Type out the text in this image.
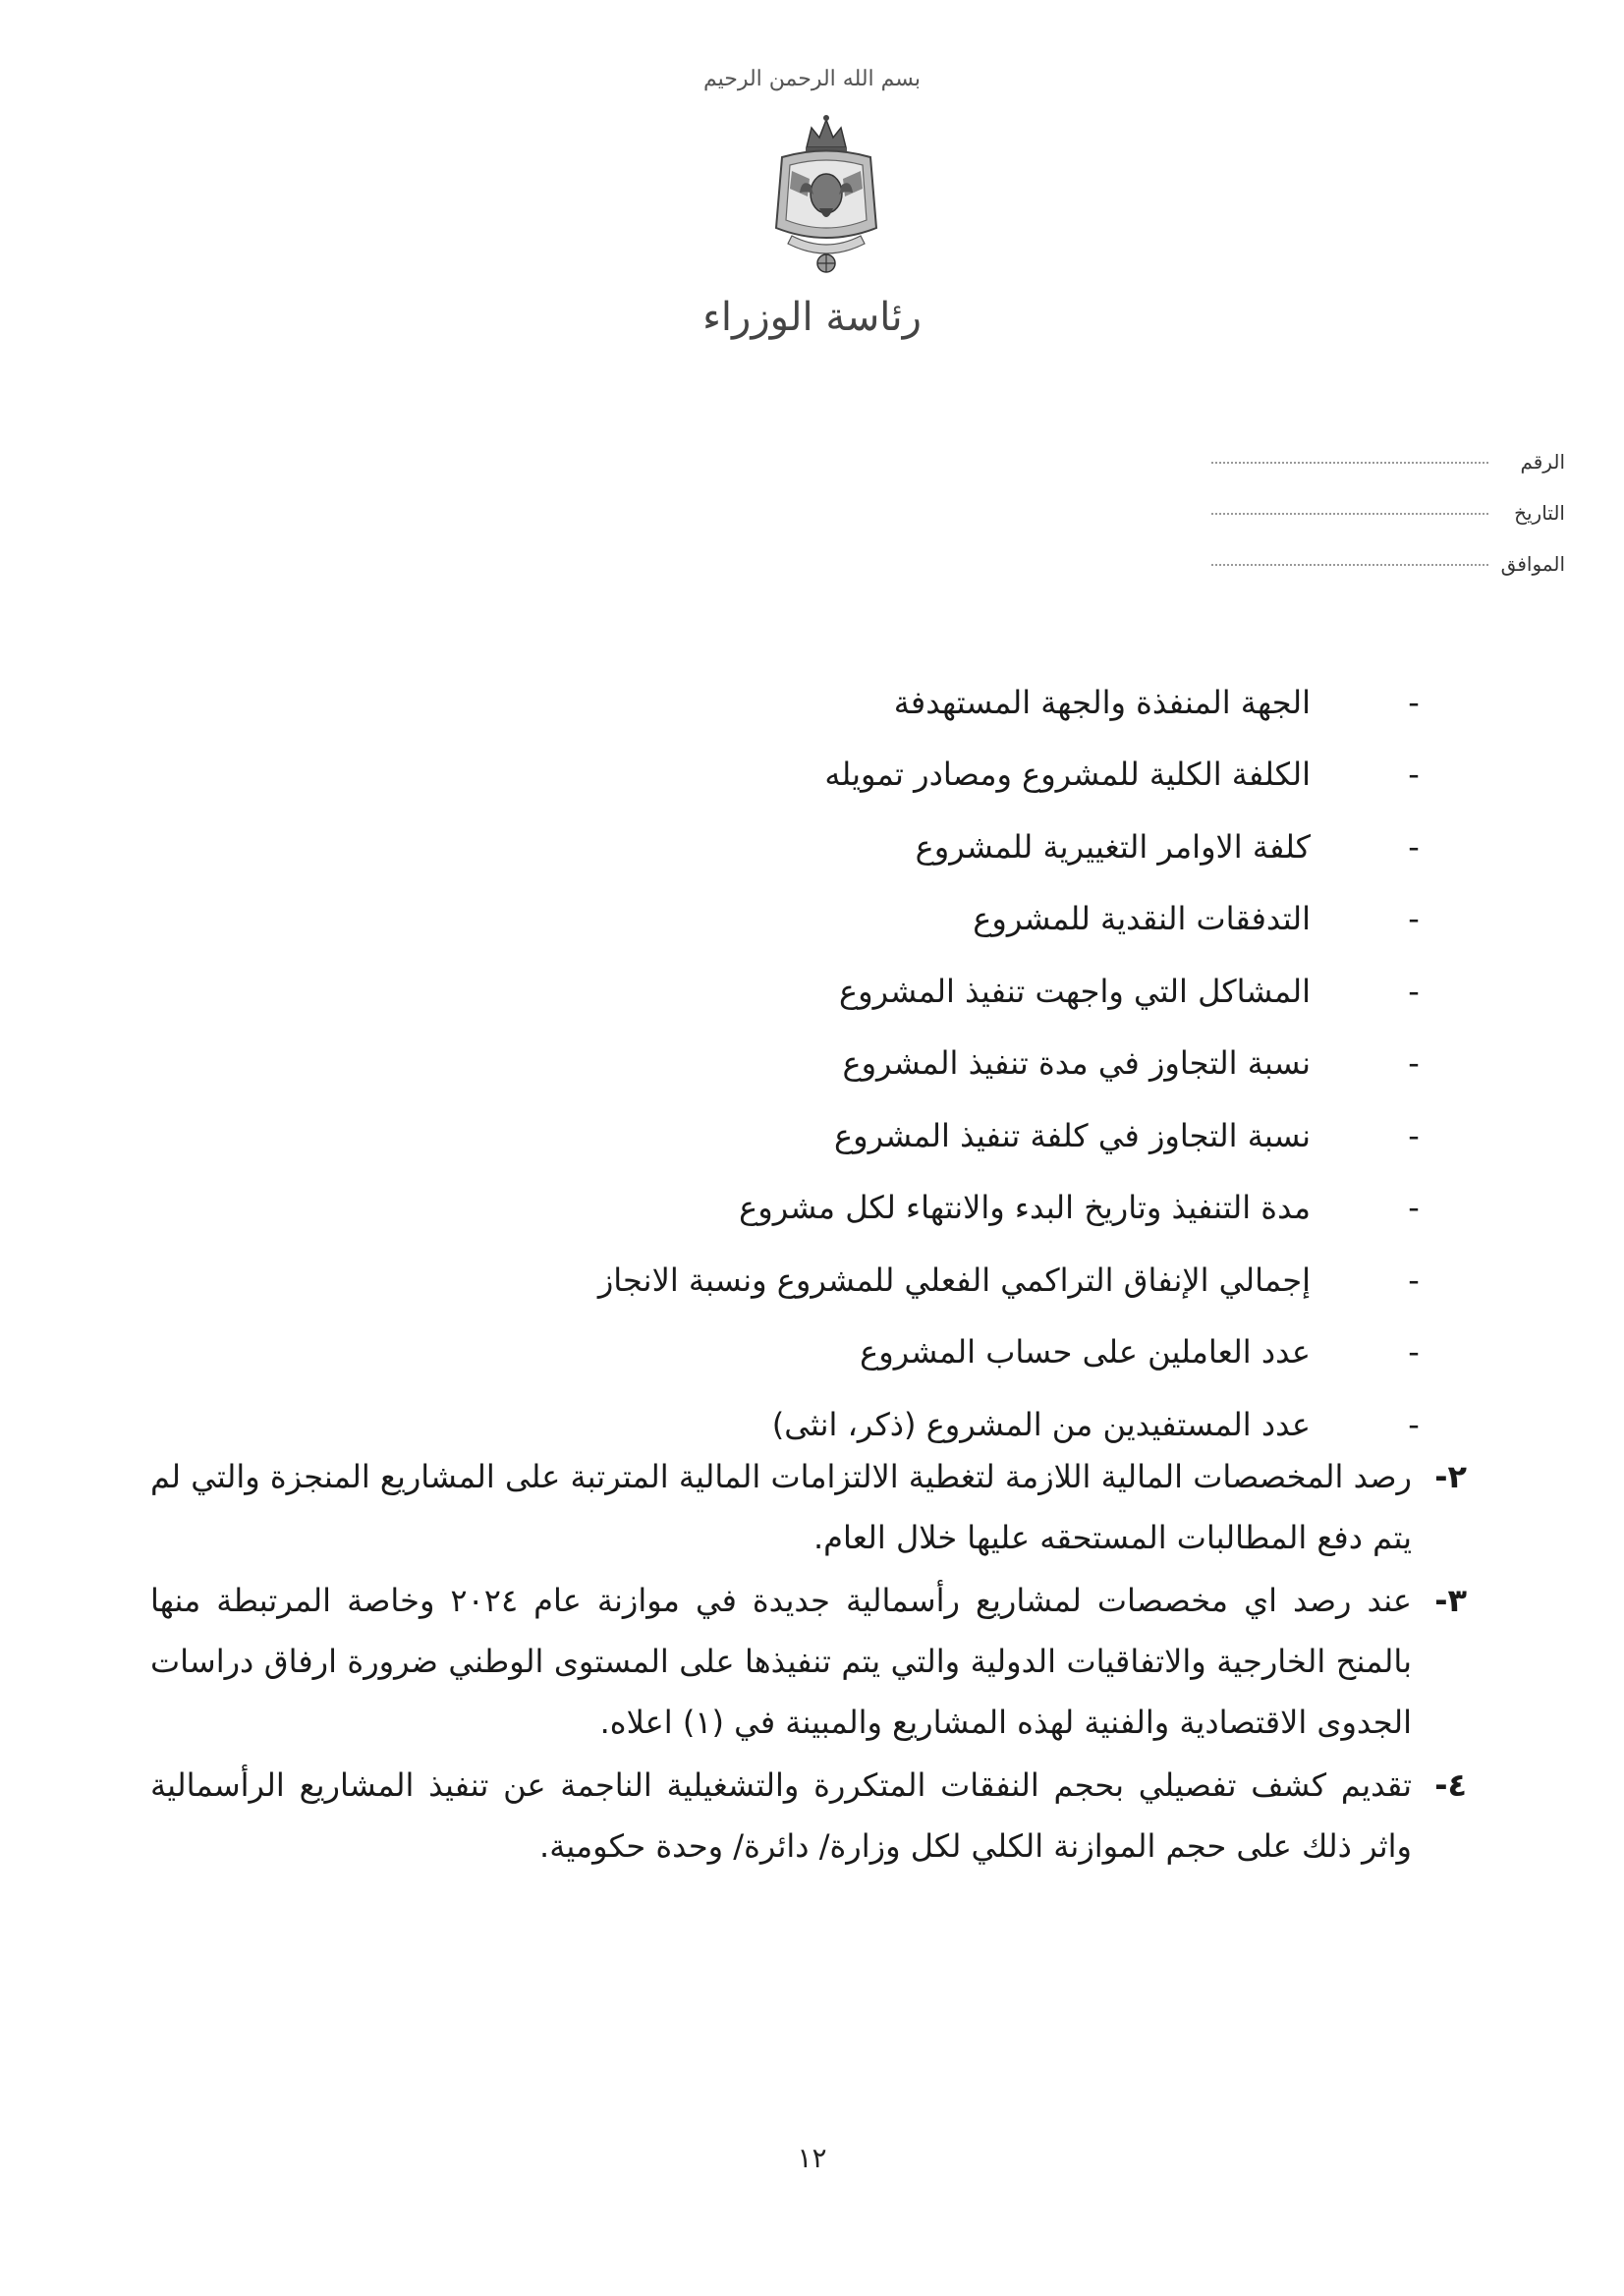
بسم الله الرحمن الرحيم
رئاسة الوزراء
الرقم
التاريخ
الموافق
-
الجهة المنفذة والجهة المستهدفة
-
الكلفة الكلية للمشروع ومصادر تمويله
-
كلفة الاوامر التغييرية للمشروع
-
التدفقات النقدية للمشروع
-
المشاكل التي واجهت تنفيذ المشروع
-
نسبة التجاوز في مدة تنفيذ المشروع
-
نسبة التجاوز في كلفة تنفيذ المشروع
-
مدة التنفيذ وتاريخ البدء والانتهاء لكل مشروع
-
إجمالي الإنفاق التراكمي الفعلي للمشروع ونسبة الانجاز
-
عدد العاملين على حساب المشروع
-
عدد المستفيدين من المشروع (ذكر، انثى)
٢-
رصد المخصصات المالية اللازمة لتغطية الالتزامات المالية المترتبة على المشاريع المنجزة والتي لم يتم دفع المطالبات المستحقه عليها خلال العام.
٣-
عند رصد اي مخصصات لمشاريع رأسمالية جديدة في موازنة عام ٢٠٢٤ وخاصة المرتبطة منها بالمنح الخارجية والاتفاقيات الدولية والتي يتم تنفيذها على المستوى الوطني ضرورة ارفاق دراسات الجدوى الاقتصادية والفنية لهذه المشاريع والمبينة في (١) اعلاه.
٤-
تقديم كشف تفصيلي بحجم النفقات المتكررة والتشغيلية الناجمة عن تنفيذ المشاريع الرأسمالية واثر ذلك على حجم الموازنة الكلي لكل وزارة/ دائرة/ وحدة حكومية.
١٢
